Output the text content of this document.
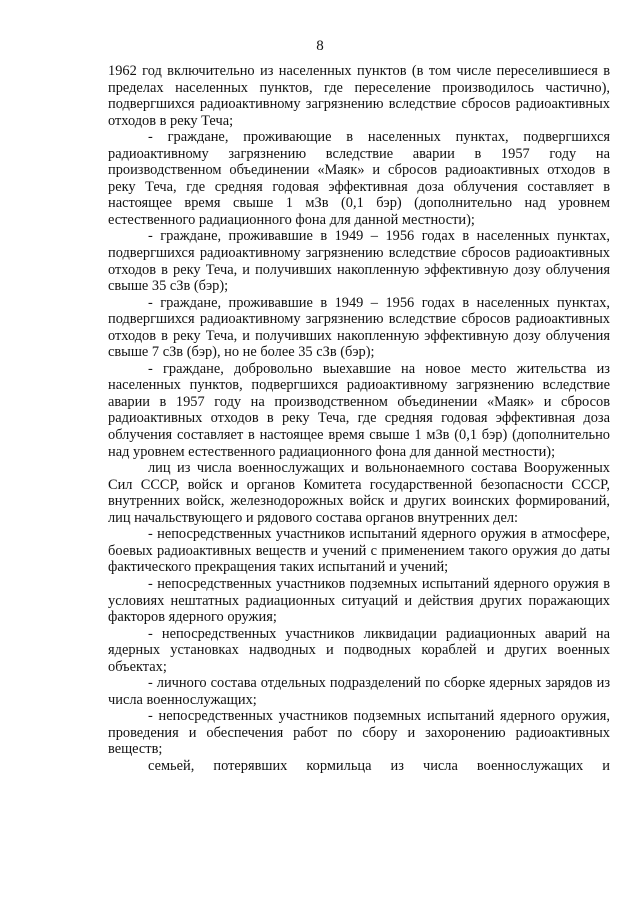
8

1962 год включительно из населенных пунктов (в том числе переселившиеся в пределах населенных пунктов, где переселение производилось частично), подвергшихся радиоактивному загрязнению вследствие сбросов радиоактивных отходов в реку Теча;

- граждане, проживающие в населенных пунктах, подвергшихся радиоактивному загрязнению вследствие аварии в 1957 году на производственном объединении «Маяк» и сбросов радиоактивных отходов в реку Теча, где средняя годовая эффективная доза облучения составляет в настоящее время свыше 1 мЗв (0,1 бэр) (дополнительно над уровнем естественного радиационного фона для данной местности);

- граждане, проживавшие в 1949 – 1956 годах в населенных пунктах, подвергшихся радиоактивному загрязнению вследствие сбросов радиоактивных отходов в реку Теча, и получивших накопленную эффективную дозу облучения свыше 35 сЗв (бэр);

- граждане, проживавшие в 1949 – 1956 годах в населенных пунктах, подвергшихся радиоактивному загрязнению вследствие сбросов радиоактивных отходов в реку Теча, и получивших накопленную эффективную дозу облучения свыше 7 сЗв (бэр), но не более 35 сЗв (бэр);

- граждане, добровольно выехавшие на новое место жительства из населенных пунктов, подвергшихся радиоактивному загрязнению вследствие аварии в 1957 году на производственном объединении «Маяк» и сбросов радиоактивных отходов в реку Теча, где средняя годовая эффективная доза облучения составляет в настоящее время свыше 1 мЗв (0,1 бэр) (дополнительно над уровнем естественного радиационного фона для данной местности);

лиц из числа военнослужащих и вольнонаемного состава Вооруженных Сил СССР, войск и органов Комитета государственной безопасности СССР, внутренних войск, железнодорожных войск и других воинских формирований, лиц начальствующего и рядового состава органов внутренних дел:

- непосредственных участников испытаний ядерного оружия в атмосфере, боевых радиоактивных веществ и учений с применением такого оружия до даты фактического прекращения таких испытаний и учений;

- непосредственных участников подземных испытаний ядерного оружия в условиях нештатных радиационных ситуаций и действия других поражающих факторов ядерного оружия;

- непосредственных участников ликвидации радиационных аварий на ядерных установках надводных и подводных кораблей и других военных объектах;

- личного состава отдельных подразделений по сборке ядерных зарядов из числа военнослужащих;

- непосредственных участников подземных испытаний ядерного оружия, проведения и обеспечения работ по сбору и захоронению радиоактивных веществ;

семьей, потерявших кормильца из числа военнослужащих и
